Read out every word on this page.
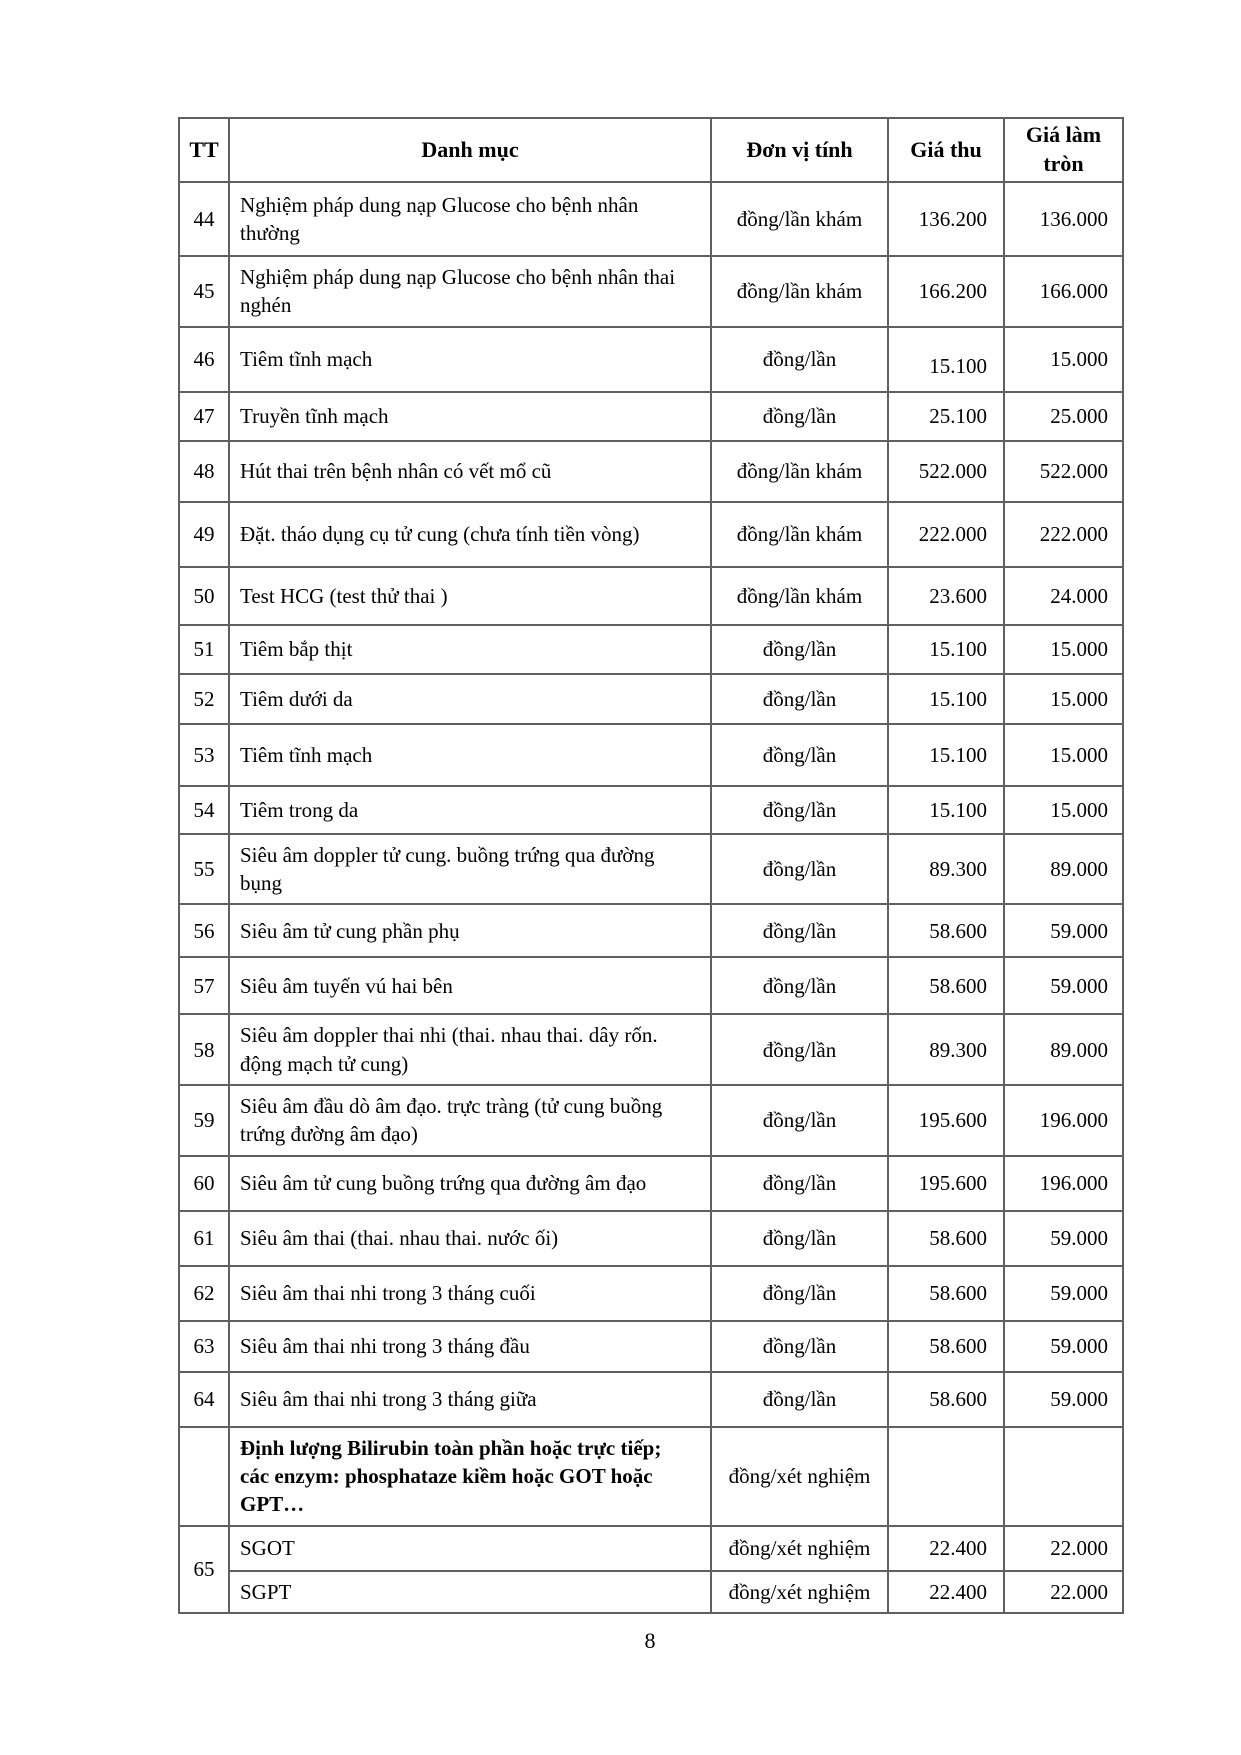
TT	Danh mục	Đơn vị tính	Giá thu	Giá làm tròn
44	Nghiệm pháp dung nạp Glucose cho bệnh nhân thường	đồng/lần khám	136.200	136.000
45	Nghiệm pháp dung nạp Glucose cho bệnh nhân thai nghén	đồng/lần khám	166.200	166.000
46	Tiêm tĩnh mạch	đồng/lần	15.100	15.000
47	Truyền tĩnh mạch	đồng/lần	25.100	25.000
48	Hút thai trên bệnh nhân có vết mổ cũ	đồng/lần khám	522.000	522.000
49	Đặt. tháo dụng cụ tử cung (chưa tính tiền vòng)	đồng/lần khám	222.000	222.000
50	Test HCG (test thử thai )	đồng/lần khám	23.600	24.000
51	Tiêm bắp thịt	đồng/lần	15.100	15.000
52	Tiêm dưới da	đồng/lần	15.100	15.000
53	Tiêm tĩnh mạch	đồng/lần	15.100	15.000
54	Tiêm trong da	đồng/lần	15.100	15.000
55	Siêu âm doppler tử cung. buồng trứng qua đường bụng	đồng/lần	89.300	89.000
56	Siêu âm tử cung phần phụ	đồng/lần	58.600	59.000
57	Siêu âm tuyến vú hai bên	đồng/lần	58.600	59.000
58	Siêu âm doppler thai nhi (thai. nhau thai. dây rốn. động mạch tử cung)	đồng/lần	89.300	89.000
59	Siêu âm đầu dò âm đạo. trực tràng (tử cung buồng trứng đường âm đạo)	đồng/lần	195.600	196.000
60	Siêu âm tử cung buồng trứng qua đường âm đạo	đồng/lần	195.600	196.000
61	Siêu âm thai (thai. nhau thai. nước ối)	đồng/lần	58.600	59.000
62	Siêu âm thai nhi trong 3 tháng cuối	đồng/lần	58.600	59.000
63	Siêu âm thai nhi trong 3 tháng đầu	đồng/lần	58.600	59.000
64	Siêu âm thai nhi trong 3 tháng giữa	đồng/lần	58.600	59.000
	Định lượng Bilirubin toàn phần hoặc trực tiếp; các enzym: phosphataze kiềm hoặc GOT hoặc GPT…	đồng/xét nghiệm		
65	SGOT	đồng/xét nghiệm	22.400	22.000
	SGPT	đồng/xét nghiệm	22.400	22.000
8
